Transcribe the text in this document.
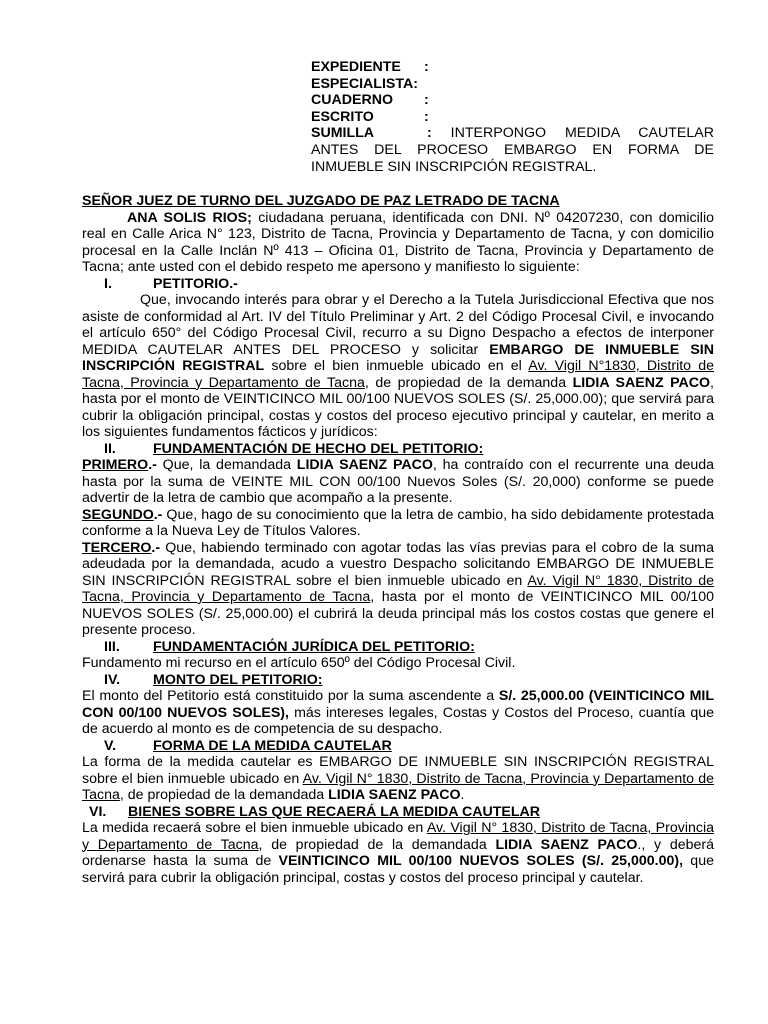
EXPEDIENTE :
ESPECIALISTA:
CUADERNO :
ESCRITO	:
SUMILLA	: INTERPONGO MEDIDA CAUTELAR ANTES DEL PROCESO EMBARGO EN FORMA DE INMUEBLE SIN INSCRIPCIÓN REGISTRAL.

SEÑOR JUEZ DE TURNO DEL JUZGADO DE PAZ LETRADO DE TACNA

ANA SOLIS RIOS; ciudadana peruana, identificada con DNI. Nº 04207230, con domicilio real en Calle Arica N° 123, Distrito de Tacna, Provincia y Departamento de Tacna, y con domicilio procesal en la Calle Inclán Nº 413 – Oficina 01, Distrito de Tacna, Provincia y Departamento de Tacna; ante usted con el debido respeto me apersono y manifiesto lo siguiente:

I.	PETITORIO.-

Que, invocando interés para obrar y el Derecho a la Tutela Jurisdiccional Efectiva que nos asiste de conformidad al Art. IV del Título Preliminar y Art. 2 del Código Procesal Civil, e invocando el artículo 650° del Código Procesal Civil, recurro a su Digno Despacho a efectos de interponer MEDIDA CAUTELAR ANTES DEL PROCESO y solicitar EMBARGO DE INMUEBLE SIN INSCRIPCIÓN REGISTRAL sobre el bien inmueble ubicado en el Av. Vigil N°1830, Distrito de Tacna, Provincia y Departamento de Tacna, de propiedad de la demanda LIDIA SAENZ PACO, hasta por el monto de VEINTICINCO MIL 00/100 NUEVOS SOLES (S/. 25,000.00); que servirá para cubrir la obligación principal, costas y costos del proceso ejecutivo principal y cautelar, en merito a los siguientes fundamentos fácticos y jurídicos:

II.	FUNDAMENTACIÓN DE HECHO DEL PETITORIO:

PRIMERO.- Que, la demandada LIDIA SAENZ PACO, ha contraído con el recurrente una deuda hasta por la suma de VEINTE MIL CON 00/100 Nuevos Soles (S/. 20,000) conforme se puede advertir de la letra de cambio que acompaño a la presente.

SEGUNDO.- Que, hago de su conocimiento que la letra de cambio, ha sido debidamente protestada conforme a la Nueva Ley de Títulos Valores.

TERCERO.- Que, habiendo terminado con agotar todas las vías previas para el cobro de la suma adeudada por la demandada, acudo a vuestro Despacho solicitando EMBARGO DE INMUEBLE SIN INSCRIPCIÓN REGISTRAL sobre el bien inmueble ubicado en Av. Vigil N° 1830, Distrito de Tacna, Provincia y Departamento de Tacna, hasta por el monto de VEINTICINCO MIL 00/100 NUEVOS SOLES (S/. 25,000.00) el cubrirá la deuda principal más los costos costas que genere el presente proceso.

III. FUNDAMENTACIÓN JURÍDICA DEL PETITORIO:

Fundamento mi recurso en el artículo 650º del Código Procesal Civil.

IV. MONTO DEL PETITORIO:

El monto del Petitorio está constituido por la suma ascendente a S/. 25,000.00 (VEINTICINCO MIL CON 00/100 NUEVOS SOLES), más intereses legales, Costas y Costos del Proceso, cuantía que de acuerdo al monto es de competencia de su despacho.

V.	FORMA DE LA MEDIDA CAUTELAR

La forma de la medida cautelar es EMBARGO DE INMUEBLE SIN INSCRIPCIÓN REGISTRAL sobre el bien inmueble ubicado en Av. Vigil N° 1830, Distrito de Tacna, Provincia y Departamento de Tacna, de propiedad de la demandada LIDIA SAENZ PACO.

VI. BIENES SOBRE LAS QUE RECAERÁ LA MEDIDA CAUTELAR

La medida recaerá sobre el bien inmueble ubicado en Av. Vigil N° 1830, Distrito de Tacna, Provincia y Departamento de Tacna, de propiedad de la demandada LIDIA SAENZ PACO., y deberá ordenarse hasta la suma de VEINTICINCO MIL 00/100 NUEVOS SOLES (S/. 25,000.00), que servirá para cubrir la obligación principal, costas y costos del proceso principal y cautelar.
